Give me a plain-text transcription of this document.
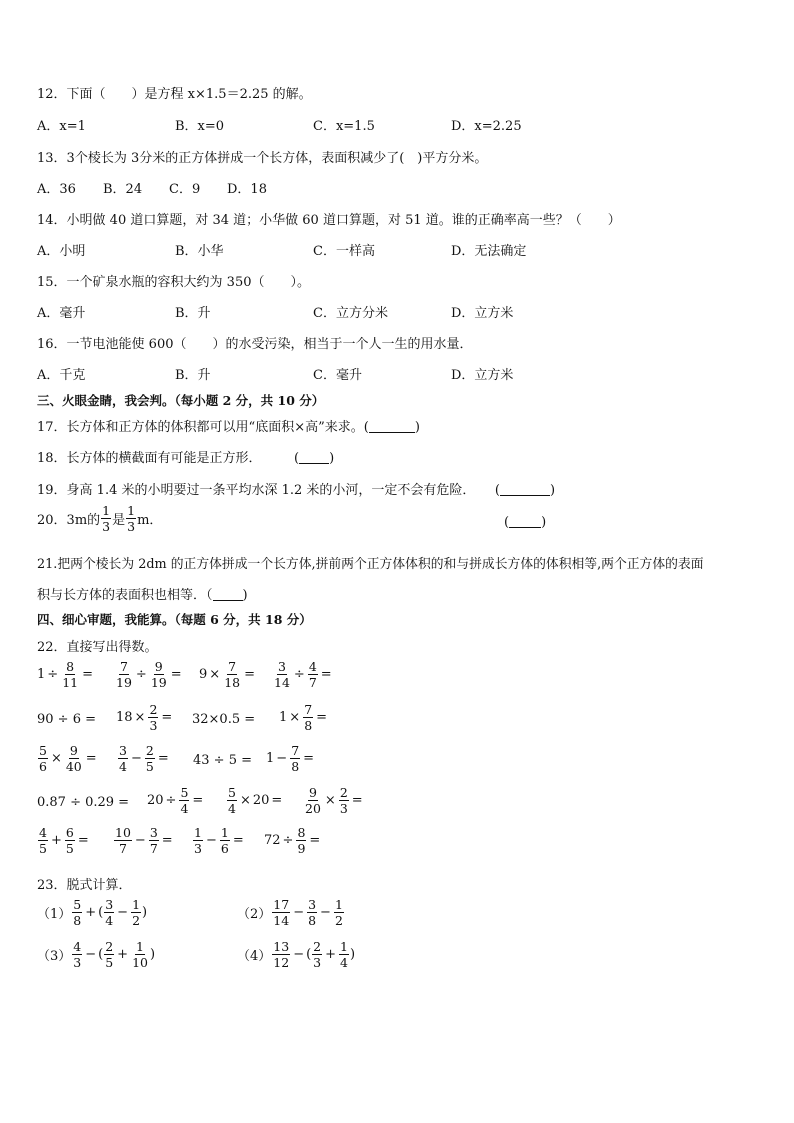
12．下面（　　）是方程 x×1.5＝2.25 的解。
A．x=1	B．x=0	C．x=1.5	D．x=2.25
13．3个棱长为 3分米的正方体拼成一个长方体，表面积减少了(　)平方分米。
A．36 B．24 C．9 D．18
14．小明做 40 道口算题，对 34 道；小华做 60 道口算题，对 51 道。谁的正确率高一些？（　　）
A．小明	B．小华	C．一样高	D．无法确定
15．一个矿泉水瓶的容积大约为 350（　　）。
A．毫升	B．升	C．立方分米	D．立方米
16．一节电池能使 600（　　）的水受污染，相当于一个人一生的用水量．
A．千克	B．升	C．毫升	D．立方米
三、火眼金睛，我会判。（每小题 2 分，共 10 分）
17．长方体和正方体的体积都可以用“底面积×高”来求。(	)
18．长方体的横截面有可能是正方形．　　　( )
19．身高 1.4 米的小明要过一条平均水深 1.2 米的小河，一定不会有危险．　　(	)
20．3m的 $\frac{1}{3}$ 是 $\frac{1}{3}$ m．	( )
21.把两个棱长为 2dm 的正方体拼成一个长方体,拼前两个正方体体积的和与拼成长方体的体积相等,两个正方体的表面
积与长方体的表面积也相等．（ )
四、细心审题，我能算。（每题 6 分，共 18 分）
22．直接写出得数。
$1 \div \frac{8}{11} = \frac{7}{19} \div \frac{9}{19} = 9 \times \frac{7}{18} = \frac{3}{14} \div \frac{4}{7}$ =
$90 \div 6 = 18 \times \frac{2}{3} = 32\times 0.5 = 1 \times \frac{7}{8}$ =
$\frac{5}{6} \times \frac{9}{40} = \frac{3}{4} - \frac{2}{5} = 43 \div 5 = 1 - \frac{7}{8}$ =
$0.87 \div 0.29 = 20 \div \frac{5}{4} = \frac{5}{4} \times 20 = \frac{9}{20} \times \frac{2}{3}$ =
$\frac{4}{5} + \frac{6}{5} = \frac{10}{7} - \frac{3}{7} = \frac{1}{3} - \frac{1}{6} = 72 \div \frac{8}{9}$ =
23．脱式计算．
$(1) \frac{5}{8}$ + ( $\frac{3}{4} - \frac{1}{2}$ )	$(2) \frac{17}{14} - \frac{3}{8} - \frac{1}{2}$
$(3) \frac{4}{3}$ − ( $\frac{2}{5} + \frac{1}{10}$ )	$(4) \frac{13}{12}$ − ( $\frac{2}{3} + \frac{1}{4}$ )
